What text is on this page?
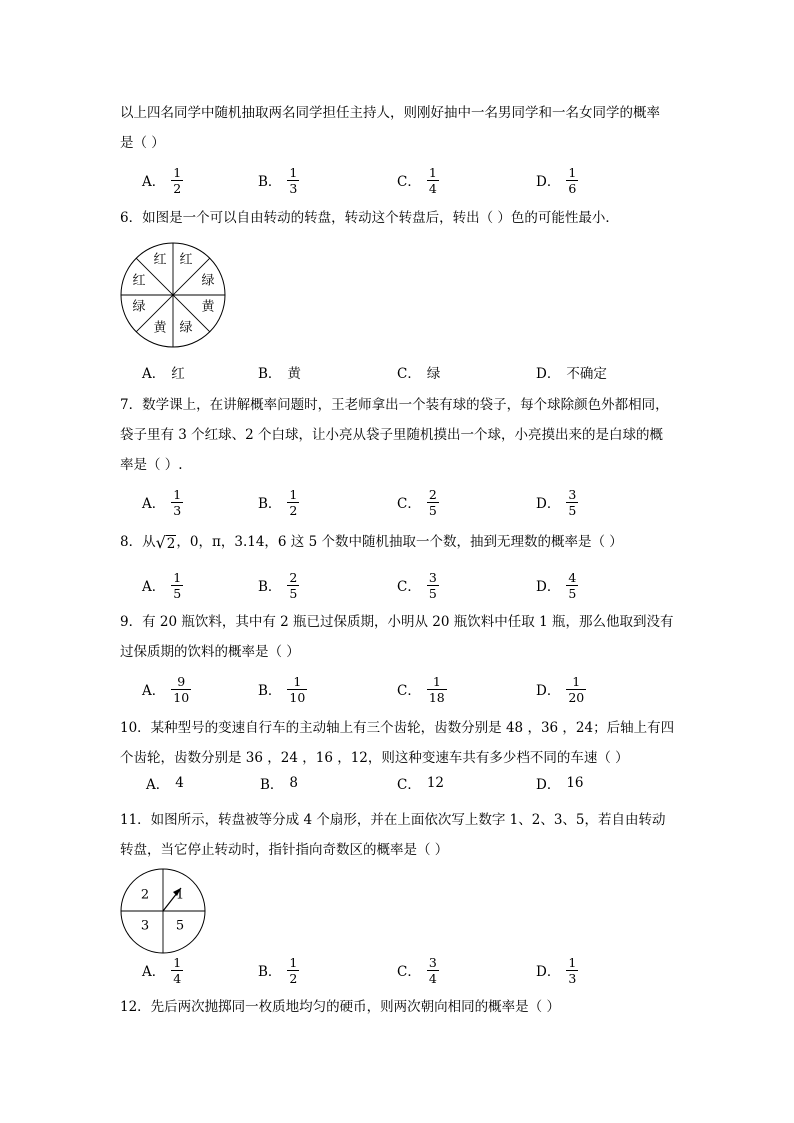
以上四名同学中随机抽取两名同学担任主持人，则刚好抽中一名男同学和一名女同学的概率
是（ ）
A． $\frac{1}{2}$	B． $\frac{1}{3}$	C． $\frac{1}{4}$	D． $\frac{1}{6}$
6．如图是一个可以自由转动的转盘，转动这个转盘后，转出（ ）色的可能性最小．
红
绿
黄
绿
黄
绿
红
红
A． 红	B． 黄	C． 绿	D． 不确定
7．数学课上，在讲解概率问题时，王老师拿出一个装有球的袋子，每个球除颜色外都相同，
袋子里有 3 个红球、2 个白球，让小亮从袋子里随机摸出一个球，小亮摸出来的是白球的概
率是（ ）.
A． $\frac{1}{3}$	B． $\frac{1}{2}$	C． $\frac{2}{5}$	D． $\frac{3}{5}$
8．从 √ 2 ，0，π，3.14，6 这 5 个数中随机抽取一个数，抽到无理数的概率是（ ）
A． $\frac{1}{5}$	B． $\frac{2}{5}$	C． $\frac{3}{5}$	D． $\frac{4}{5}$
9．有 20 瓶饮料，其中有 2 瓶已过保质期，小明从 20 瓶饮料中任取 1 瓶，那么他取到没有
过保质期的饮料的概率是（ ）
A． $\frac{9}{10}$	B． $\frac{1}{10}$	C． $\frac{1}{18}$	D． $\frac{1}{20}$
10．某种型号的变速自行车的主动轴上有三个齿轮，齿数分别是 48 ，36 ，24；后轴上有四
个齿轮，齿数分别是 36 ，24 ，16 ，12，则这种变速车共有多少档不同的车速（ ）
A． 4	B． 8	C． 12	D． 16
11．如图所示，转盘被等分成 4 个扇形，并在上面依次写上数字 1、2、3、5，若自由转动
转盘，当它停止转动时，指针指向奇数区的概率是（ ）
2 1
3 5
A． $\frac{1}{4}$	B． $\frac{1}{2}$	C． $\frac{3}{4}$	D． $\frac{1}{3}$
12．先后两次抛掷同一枚质地均匀的硬币，则两次朝向相同的概率是（ ）
